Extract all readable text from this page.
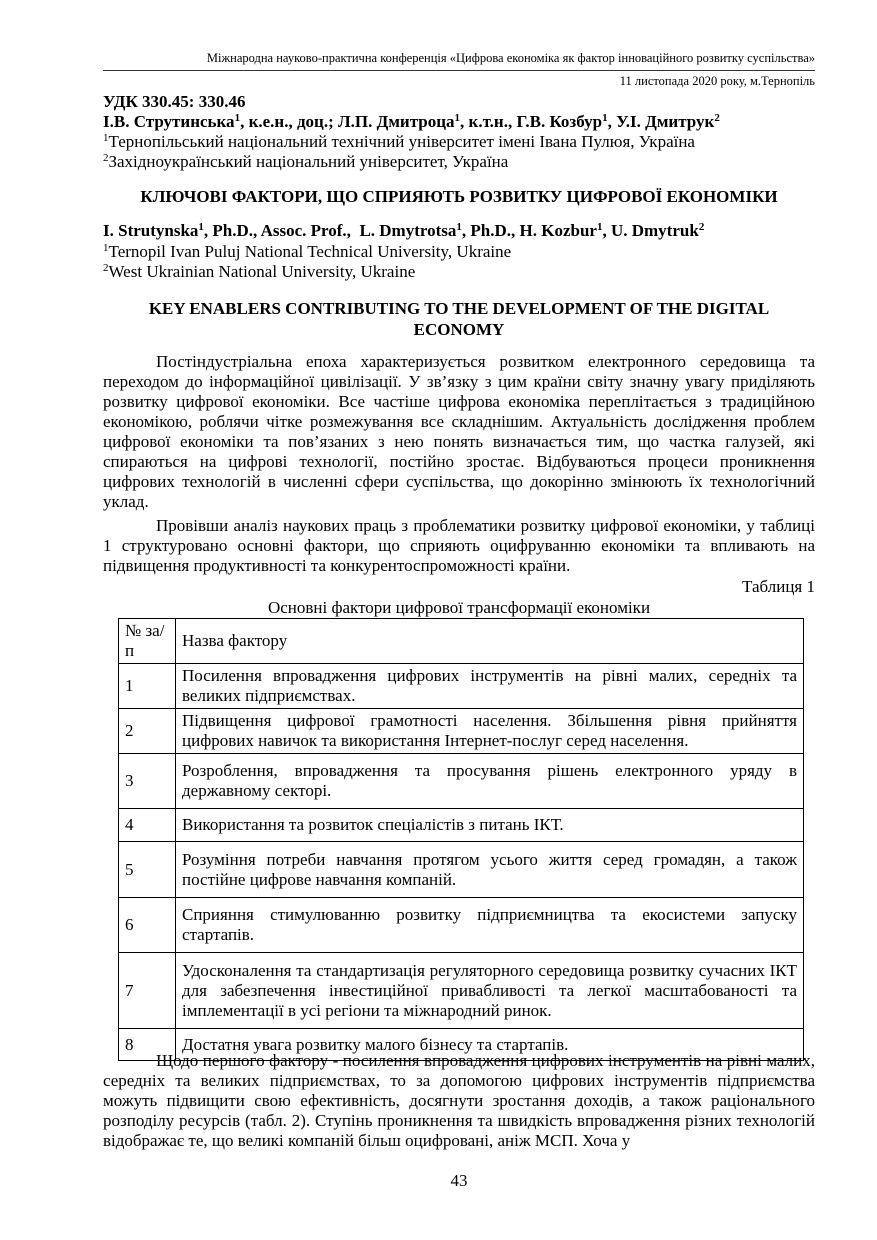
Міжнародна науково-практична конференція «Цифрова економіка як фактор інноваційного розвитку суспільства»
11 листопада 2020 року, м.Тернопіль
УДК 330.45: 330.46
І.В. Струтинська$^1$, к.е.н., доц.; Л.П. Дмитроца$^1$, к.т.н., Г.В. Козбур$^1$, У.І. Дмитрук$^2$
$^1$Тернопільський національний технічний університет імені Івана Пулюя, Україна
$^2$Західноукраїнський національний університет, Україна
КЛЮЧОВІ ФАКТОРИ, ЩО СПРИЯЮТЬ РОЗВИТКУ ЦИФРОВОЇ ЕКОНОМІКИ
I. Strutynska$^1$, Ph.D., Assoc. Prof.,  L. Dmytrotsa$^1$, Ph.D., H. Kozbur$^1$, U. Dmytruk$^2$
$^1$Ternopil Ivan Puluj National Technical University, Ukraine
$^2$West Ukrainian National University, Ukraine
KEY ENABLERS CONTRIBUTING TO THE DEVELOPMENT OF THE DIGITAL ECONOMY
Постіндустріальна епоха характеризується розвитком електронного середовища та переходом до інформаційної цивілізації. У зв’язку з цим країни світу значну увагу приділяють розвитку цифрової економіки. Все частіше цифрова економіка переплітається з традиційною економікою, роблячи чітке розмежування все складнішим. Актуальність дослідження проблем цифрової економіки та пов’язаних з нею понять визначається тим, що частка галузей, які спираються на цифрові технології, постійно зростає. Відбуваються процеси проникнення цифрових технологій в численні сфери суспільства, що докорінно змінюють їх технологічний уклад.
Провівши аналіз наукових праць з проблематики розвитку цифрової економіки, у таблиці 1 структуровано основні фактори, що сприяють оцифруванню економіки та впливають на підвищення продуктивності та конкурентоспроможності країни.
Таблиця 1
Основні фактори цифрової трансформації економіки
№ за/п	Назва фактору
1	Посилення впровадження цифрових інструментів на рівні малих, середніх та великих підприємствах.
2	Підвищення цифрової грамотності населення. Збільшення рівня прийняття цифрових навичок та використання Інтернет-послуг серед населення.
3	Розроблення, впровадження та просування рішень електронного уряду в державному секторі.
4	Використання та розвиток спеціалістів з питань ІКТ.
5	Розуміння потреби навчання протягом усього життя серед громадян, а також постійне цифрове навчання компаній.
6	Сприяння стимулюванню розвитку підприємництва та екосистеми запуску стартапів.
7	Удосконалення та стандартизація регуляторного середовища розвитку сучасних ІКТ для забезпечення інвестиційної привабливості та легкої масштабованості та імплементації в усі регіони та міжнародний ринок.
8	Достатня увага розвитку малого бізнесу та стартапів.
Щодо першого фактору - посилення впровадження цифрових інструментів на рівні малих, середніх та великих підприємствах, то за допомогою цифрових інструментів підприємства можуть підвищити свою ефективність, досягнути зростання доходів, а також раціонального розподілу ресурсів (табл. 2). Ступінь проникнення та швидкість впровадження різних технологій відображає те, що великі компаній більш оцифровані, аніж МСП. Хоча у
43
